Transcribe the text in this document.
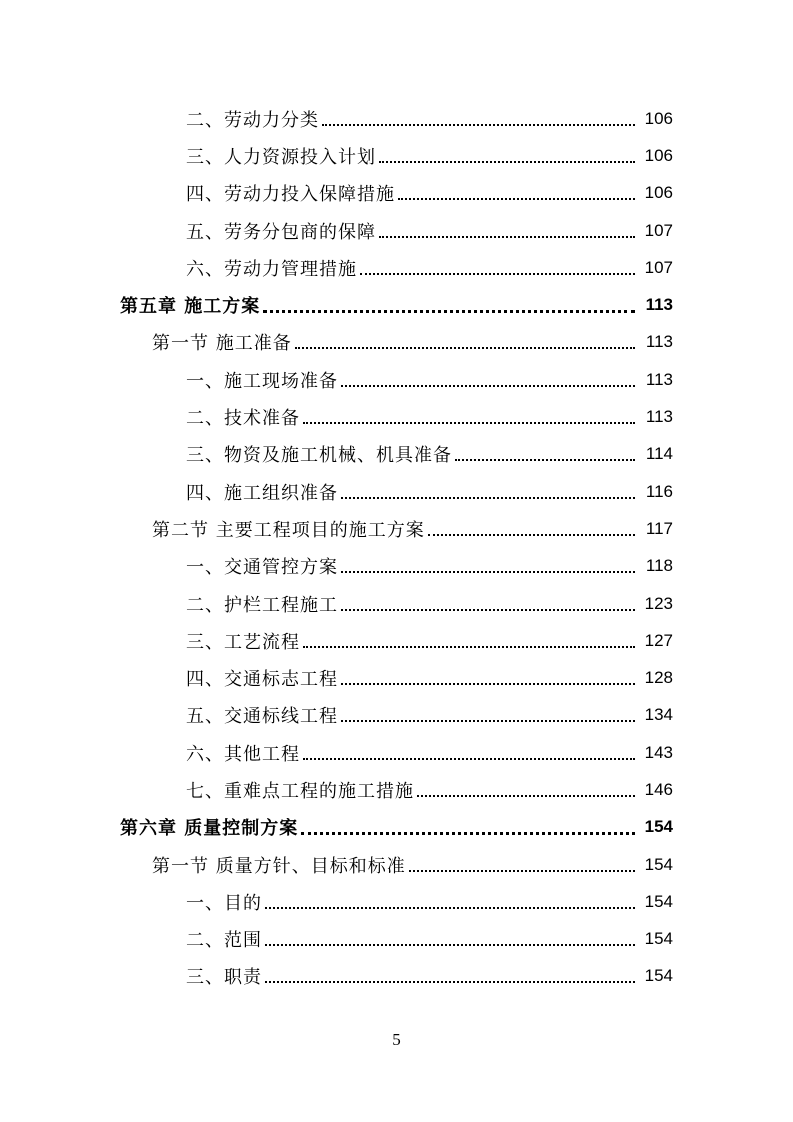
二、劳动力分类	106
三、人力资源投入计划	106
四、劳动力投入保障措施	106
五、劳务分包商的保障	107
六、劳动力管理措施	107
第五章 施工方案	113
第一节 施工准备	113
一、施工现场准备	113
二、技术准备	113
三、物资及施工机械、机具准备	114
四、施工组织准备	116
第二节 主要工程项目的施工方案	117
一、交通管控方案	118
二、护栏工程施工	123
三、工艺流程	127
四、交通标志工程	128
五、交通标线工程	134
六、其他工程	143
七、重难点工程的施工措施	146
第六章 质量控制方案	154
第一节 质量方针、目标和标准	154
一、目的	154
二、范围	154
三、职责	154
5
